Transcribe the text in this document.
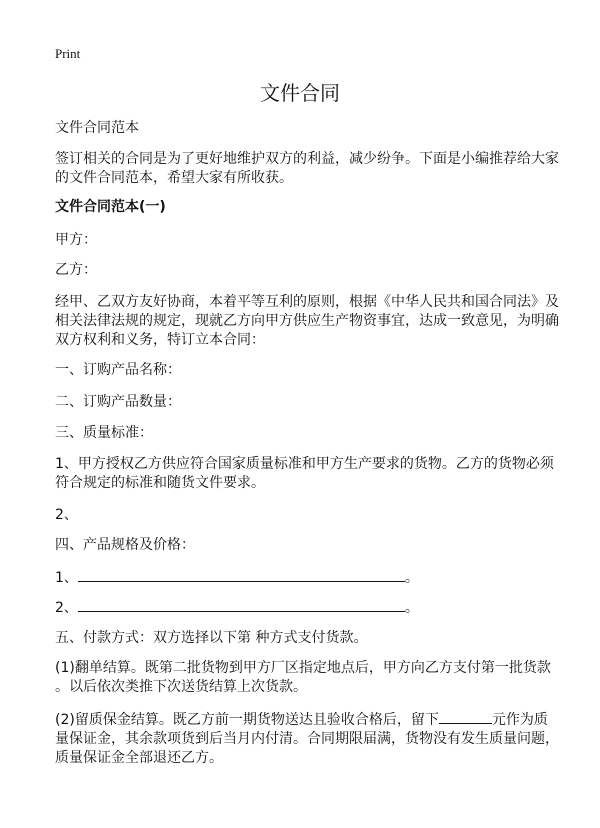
Print
文件合同
文件合同范本
签订相关的合同是为了更好地维护双方的利益，减少纷争。下面是小编推荐给大家
的文件合同范本，希望大家有所收获。
文件合同范本(一)
甲方：
乙方：
经甲、乙双方友好协商，本着平等互利的原则，根据《中华人民共和国合同法》及
相关法律法规的规定，现就乙方向甲方供应生产物资事宜，达成一致意见，为明确
双方权利和义务，特订立本合同：
一、订购产品名称：
二、订购产品数量：
三、质量标准：
1、甲方授权乙方供应符合国家质量标准和甲方生产要求的货物。乙方的货物必须
符合规定的标准和随货文件要求。
2、
四、产品规格及价格：
1、	。
2、	。
五、付款方式：双方选择以下第 种方式支付货款。
(1)翻单结算。既第二批货物到甲方厂区指定地点后，甲方向乙方支付第一批货款
。以后依次类推下次送货结算上次货款。
(2)留质保金结算。既乙方前一期货物送达且验收合格后，留下	元作为质
量保证金，其余款项货到后当月内付清。合同期限届满，货物没有发生质量问题，
质量保证金全部退还乙方。
